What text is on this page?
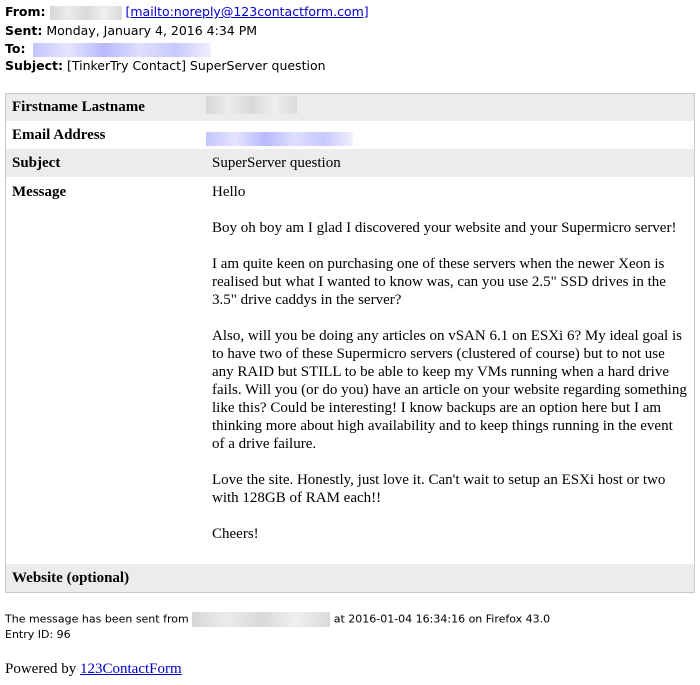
From:	[mailto:noreply@123contactform.com]
Sent: Monday, January 4, 2016 4:34 PM
To:
Subject: [TinkerTry Contact] SuperServer question
Firstname Lastname
Email Address
Subject	SuperServer question
Message	Hello

Boy oh boy am I glad I discovered your website and your Supermicro server!

I am quite keen on purchasing one of these servers when the newer Xeon is realised but what I wanted to know was, can you use 2.5" SSD drives in the 3.5" drive caddys in the server?

Also, will you be doing any articles on vSAN 6.1 on ESXi 6? My ideal goal is to have two of these Supermicro servers (clustered of course) but to not use any RAID but STILL to be able to keep my VMs running when a hard drive fails. Will you (or do you) have an article on your website regarding something like this? Could be interesting! I know backups are an option here but I am thinking more about high availability and to keep things running in the event of a drive failure.

Love the site. Honestly, just love it. Can't wait to setup an ESXi host or two with 128GB of RAM each!!

Cheers!

Website (optional)
The message has been sent from	at 2016-01-04 16:34:16 on Firefox 43.0
Entry ID: 96
Powered by 123ContactForm
